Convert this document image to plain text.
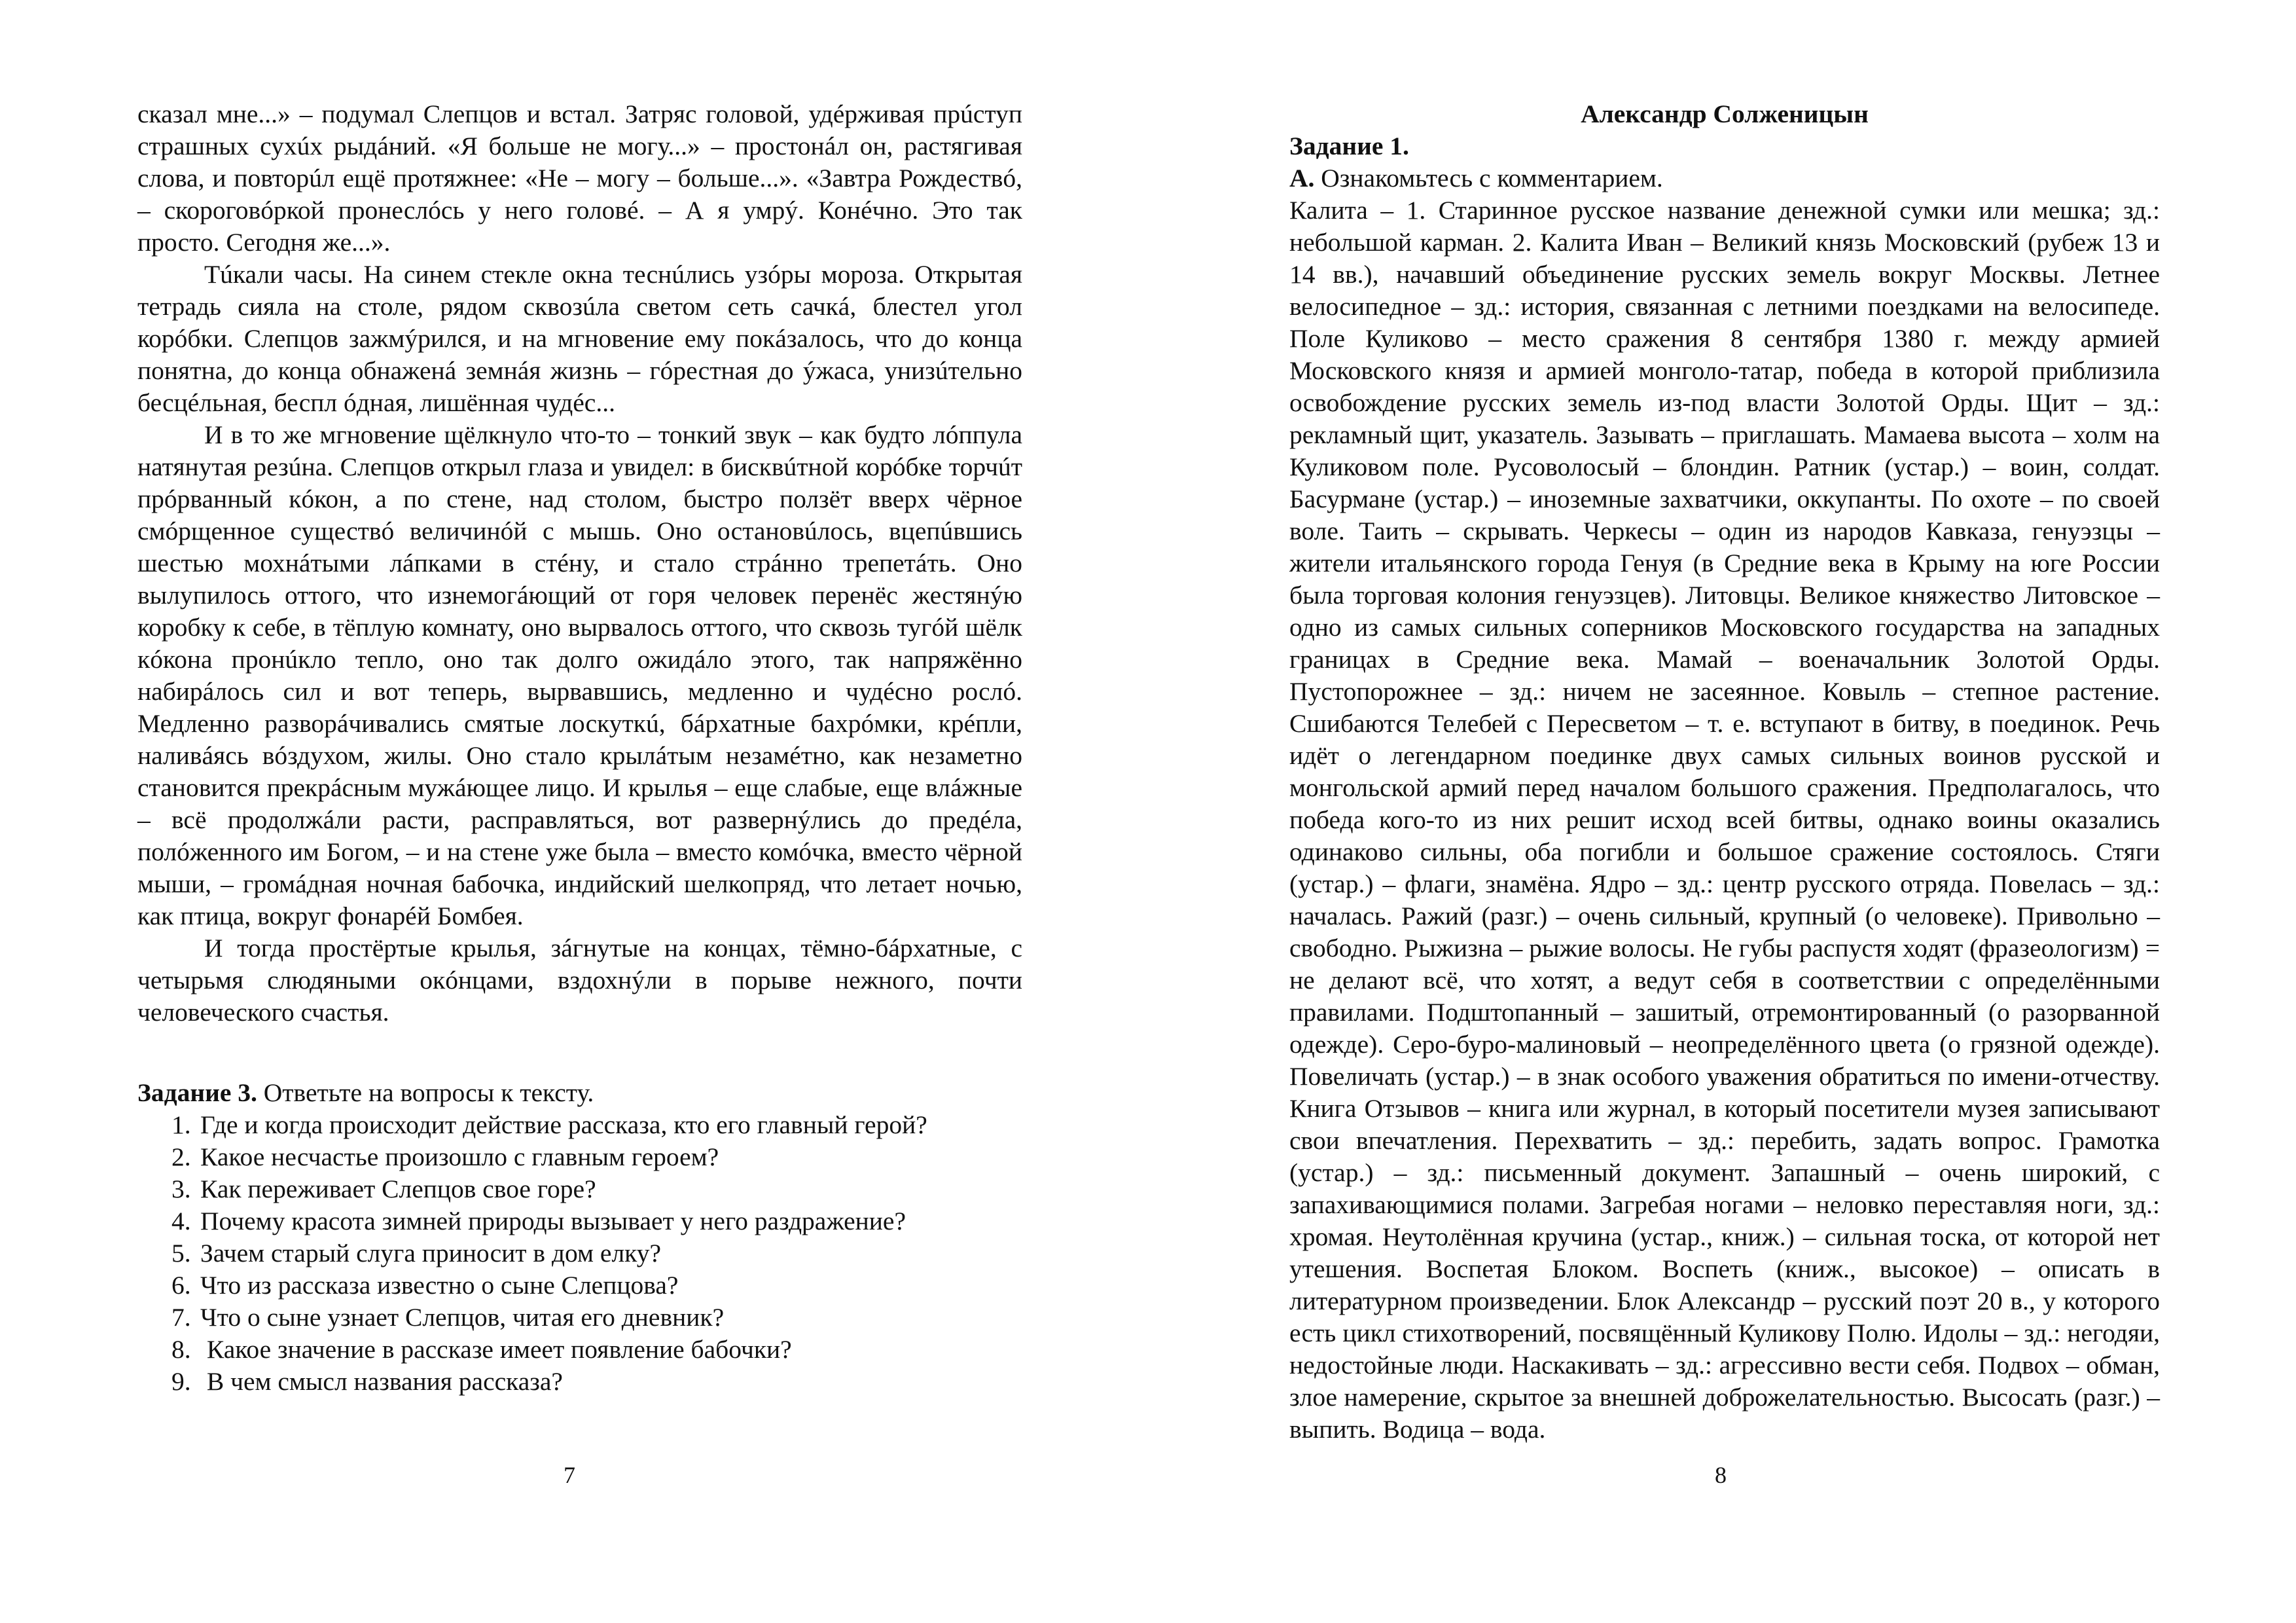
сказал мне...» – подумал Слепцов и встал. Затряс головой, удéрживая прúступ страшных сухúх рыдáний. «Я больше не могу...» – простонáл он, растягивая слова, и повторúл ещё протяжнее: «Не – могу – больше...». «Завтра Рождествó, – скороговóркой пронеслóсь у него головé. – А я умрý. Конéчно. Это так просто. Сегодня же...».

Тúкали часы. На синем стекле окна теснúлись узóры мороза. Открытая тетрадь сияла на столе, рядом сквозúла светом сеть сачкá, блестел угол корóбки. Слепцов зажмýрился, и на мгновение ему покáзалось, что до конца понятна, до конца обнаженá земнáя жизнь – гóрестная до ýжаса, унизúтельно бесцéльная, беспл óдная, лишённая чудéс...

И в то же мгновение щёлкнуло что-то – тонкий звук – как будто лóппула натянутая резúна. Слепцов открыл глаза и увидел: в бисквúтной корóбке торчúт прóрванный кóкон, а по стене, над столом, быстро ползёт вверх чёрное смóрщенное существó величинóй с мышь. Оно остановúлось, вцепúвшись шестью мохнáтыми лáпками в стéну, и стало стрáнно трепетáть. Оно вылупилось оттого, что изнемогáющий от горя человек перенёс жестянýю коробку к себе, в тёплую комнату, оно вырвалось оттого, что сквозь тугóй шёлк кóкона пронúкло тепло, оно так долго ожидáло этого, так напряжённо набирáлось сил и вот теперь, вырвавшись, медленно и чудéсно рослó. Медленно разворáчивались смятые лоскуткú, бáрхатные бахрóмки, крéпли, наливáясь вóздухом, жилы. Оно стало крылáтым незамéтно, как незаметно становится прекрáсным мужáющее лицо. И крылья – еще слабые, еще влáжные – всё продолжáли расти, расправляться, вот развернýлись до предéла, полóженного им Богом, – и на стене уже была – вместо комóчка, вместо чёрной мыши, – громáдная ночная бабочка, индийский шелкопряд, что летает ночью, как птица, вокруг фонарéй Бомбея.

И тогда простёртые крылья, зáгнутые на концах, тёмно-бáрхатные, с четырьмя слюдяными окóнцами, вздохнýли в порыве нежного, почти человеческого счастья.

Задание 3. Ответьте на вопросы к тексту.

1. Где и когда происходит действие рассказа, кто его главный герой?
2. Какое несчастье произошло с главным героем?
3. Как переживает Слепцов свое горе?
4. Почему красота зимней природы вызывает у него раздражение?
5. Зачем старый слуга приносит в дом елку?
6. Что из рассказа известно о сыне Слепцова?
7. Что о сыне узнает Слепцов, читая его дневник?
8. Какое значение в рассказе имеет появление бабочки?
9. В чем смысл названия рассказа?
7

Александр Солженицын

Задание 1.

А. Ознакомьтесь с комментарием.

Калита – 1. Старинное русское название денежной сумки или мешка; зд.: небольшой карман. 2. Калита Иван – Великий князь Московский (рубеж 13 и 14 вв.), начавший объединение русских земель вокруг Москвы. Летнее велосипедное – зд.: история, связанная с летними поездками на велосипеде. Поле Куликово – место сражения 8 сентября 1380 г. между армией Московского князя и армией монголо-татар, победа в которой приблизила освобождение русских земель из-под власти Золотой Орды. Щит – зд.: рекламный щит, указатель. Зазывать – приглашать. Мамаева высота – холм на Куликовом поле. Русоволосый – блондин. Ратник (устар.) – воин, солдат. Басурмане (устар.) – иноземные захватчики, оккупанты. По охоте – по своей воле. Таить – скрывать. Черкесы – один из народов Кавказа, генуэзцы – жители итальянского города Генуя (в Средние века в Крыму на юге России была торговая колония генуэзцев). Литовцы. Великое княжество Литовское – одно из самых сильных соперников Московского государства на западных границах в Средние века. Мамай – военачальник Золотой Орды. Пустопорожнее – зд.: ничем не засеянное. Ковыль – степное растение. Сшибаются Телебей с Пересветом – т. е. вступают в битву, в поединок. Речь идёт о легендарном поединке двух самых сильных воинов русской и монгольской армий перед началом большого сражения. Предполагалось, что победа кого-то из них решит исход всей битвы, однако воины оказались одинаково сильны, оба погибли и большое сражение состоялось. Стяги (устар.) – флаги, знамёна. Ядро – зд.: центр русского отряда. Повелась – зд.: началась. Ражий (разг.) – очень сильный, крупный (о человеке). Привольно – свободно. Рыжизна – рыжие волосы. Не губы распустя ходят (фразеологизм) = не делают всё, что хотят, а ведут себя в соответствии с определёнными правилами. Подштопанный – зашитый, отремонтированный (о разорванной одежде). Серо-буро-малиновый – неопределённого цвета (о грязной одежде). Повеличать (устар.) – в знак особого уважения обратиться по имени-отчеству. Книга Отзывов – книга или журнал, в который посетители музея записывают свои впечатления. Перехватить – зд.: перебить, задать вопрос. Грамотка (устар.) – зд.: письменный документ. Запашный – очень широкий, с запахивающимися полами. Загребая ногами – неловко переставляя ноги, зд.: хромая. Неутолённая кручина (устар., книж.) – сильная тоска, от которой нет утешения. Воспетая Блоком. Воспеть (книж., высокое) – описать в литературном произведении. Блок Александр – русский поэт 20 в., у которого есть цикл стихотворений, посвящённый Куликову Полю. Идолы – зд.: негодяи, недостойные люди. Наскакивать – зд.: агрессивно вести себя. Подвох – обман, злое намерение, скрытое за внешней доброжелательностью. Высосать (разг.) – выпить. Водица – вода.

8
